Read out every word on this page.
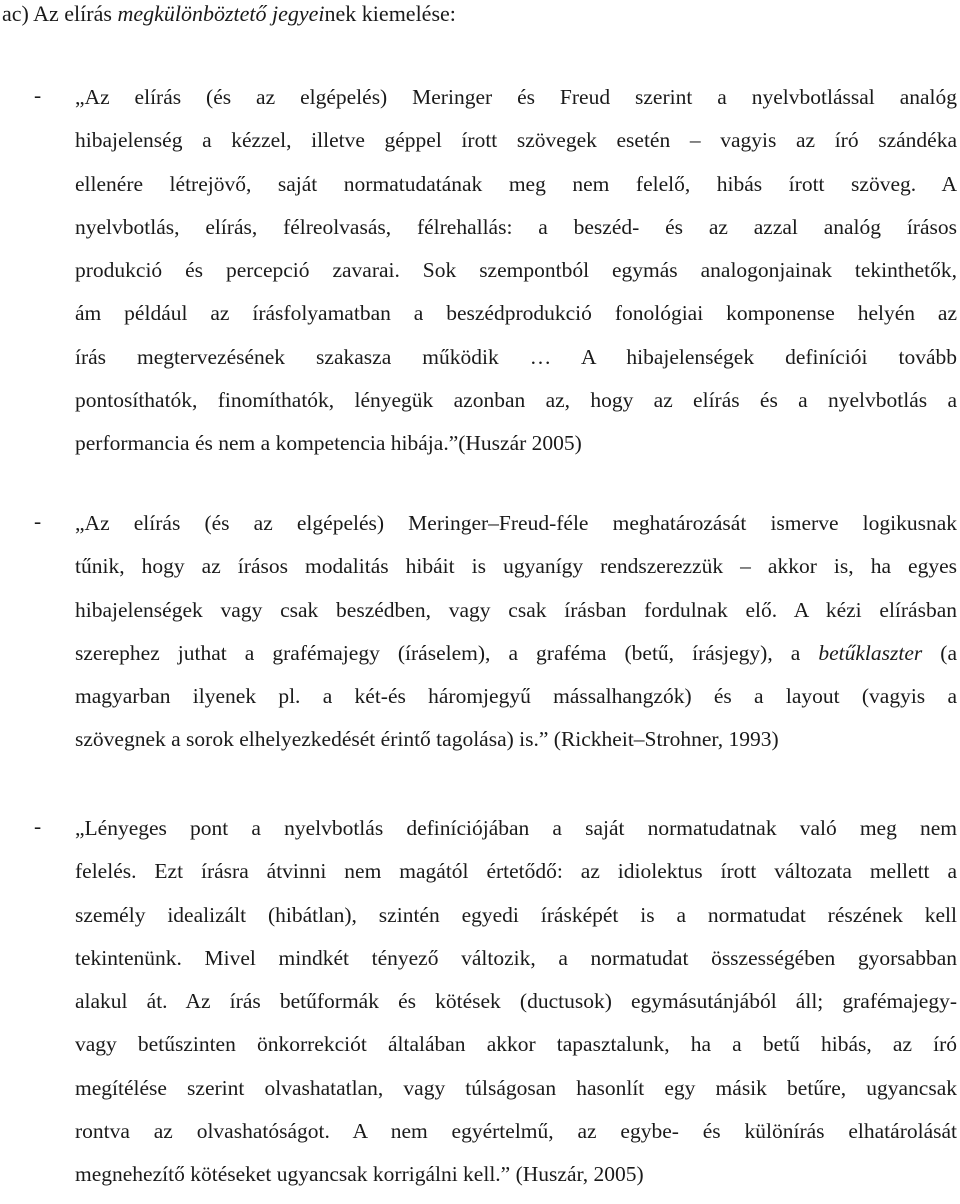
ac) Az elírás megkülönböztető jegyeinek kiemelése:
- „Az elírás (és az elgépelés) Meringer és Freud szerint a nyelvbotlással analóg
hibajelenség a kézzel, illetve géppel írott szövegek esetén – vagyis az író szándéka
ellenére létrejövő, saját normatudatának meg nem felelő, hibás írott szöveg. A
nyelvbotlás, elírás, félreolvasás, félrehallás: a beszéd- és az azzal analóg írásos
produkció és percepció zavarai. Sok szempontból egymás analogonjainak tekinthetők,
ám például az írásfolyamatban a beszédprodukció fonológiai komponense helyén az
írás megtervezésének szakasza működik … A hibajelenségek definíciói tovább
pontosíthatók, finomíthatók, lényegük azonban az, hogy az elírás és a nyelvbotlás a
performancia és nem a kompetencia hibája.”(Huszár 2005)
- „Az elírás (és az elgépelés) Meringer–Freud-féle meghatározását ismerve logikusnak
tűnik, hogy az írásos modalitás hibáit is ugyanígy rendszerezzük – akkor is, ha egyes
hibajelenségek vagy csak beszédben, vagy csak írásban fordulnak elő. A kézi elírásban
szerephez juthat a grafémajegy (íráselem), a graféma (betű, írásjegy), a betűklaszter (a
magyarban ilyenek pl. a két-és háromjegyű mássalhangzók) és a layout (vagyis a
szövegnek a sorok elhelyezkedését érintő tagolása) is.” (Rickheit–Strohner, 1993)
- „Lényeges pont a nyelvbotlás definíciójában a saját normatudatnak való meg nem
felelés. Ezt írásra átvinni nem magától értetődő: az idiolektus írott változata mellett a
személy idealizált (hibátlan), szintén egyedi írásképét is a normatudat részének kell
tekintenünk. Mivel mindkét tényező változik, a normatudat összességében gyorsabban
alakul át. Az írás betűformák és kötések (ductusok) egymásutánjából áll; grafémajegy-
vagy betűszinten önkorrekciót általában akkor tapasztalunk, ha a betű hibás, az író
megítélése szerint olvashatatlan, vagy túlságosan hasonlít egy másik betűre, ugyancsak
rontva az olvashatóságot. A nem egyértelmű, az egybe- és különírás elhatárolását
megnehezítő kötéseket ugyancsak korrigálni kell.” (Huszár, 2005)
